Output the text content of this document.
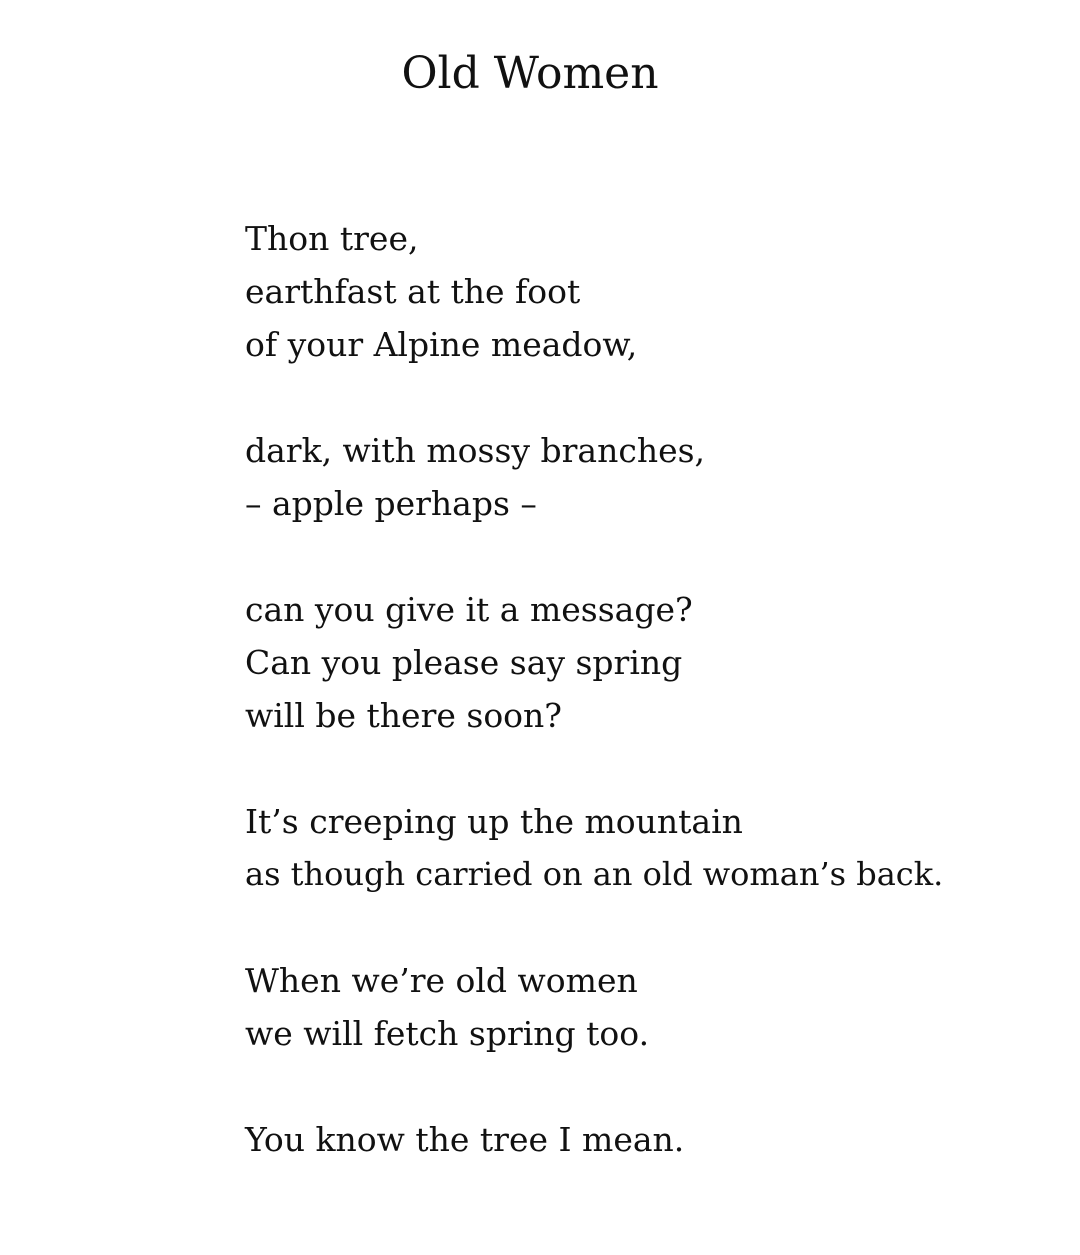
Old Women
Thon tree,
earthfast at the foot
of your Alpine meadow,
dark, with mossy branches,
– apple perhaps –
can you give it a message?
Can you please say spring
will be there soon?
It’s creeping up the mountain
as though carried on an old woman’s back.
When we’re old women
we will fetch spring too.
You know the tree I mean.
